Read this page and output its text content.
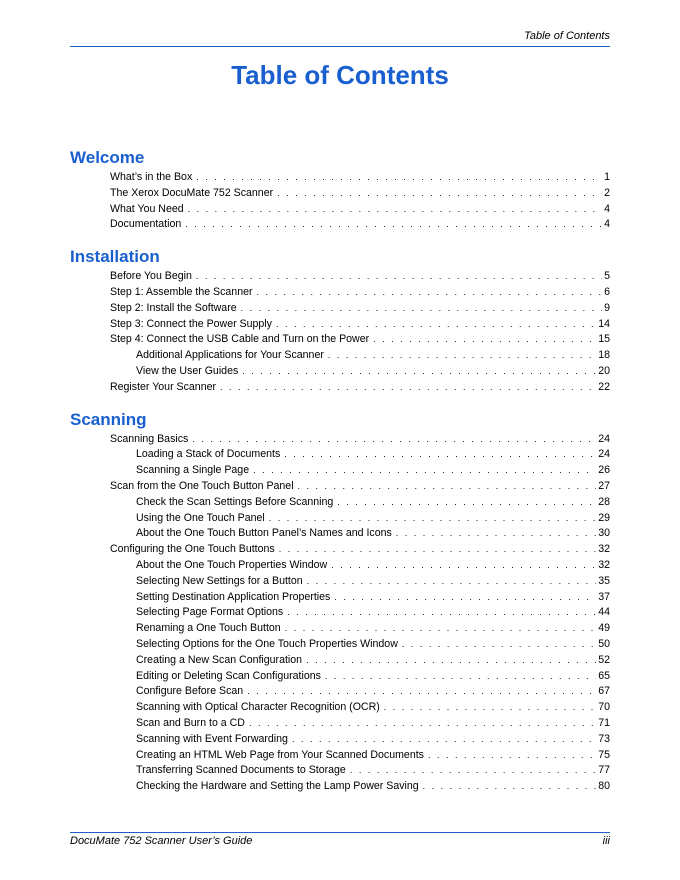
Table of Contents
Table of Contents
Welcome
What’s in the Box . . .	1
The Xerox DocuMate 752 Scanner . . .	2
What You Need . . .	4
Documentation . . .	4
Installation
Before You Begin . . .	5
Step 1: Assemble the Scanner . . .	6
Step 2: Install the Software . . .	9
Step 3: Connect the Power Supply . . .	14
Step 4: Connect the USB Cable and Turn on the Power . . .	15
Additional Applications for Your Scanner . . .	18
View the User Guides . . .	20
Register Your Scanner . . .	22
Scanning
Scanning Basics . . .	24
Loading a Stack of Documents . . .	24
Scanning a Single Page . . .	26
Scan from the One Touch Button Panel . . .	27
Check the Scan Settings Before Scanning . . .	28
Using the One Touch Panel . . .	29
About the One Touch Button Panel’s Names and Icons . . .	30
Configuring the One Touch Buttons . . .	32
About the One Touch Properties Window . . .	32
Selecting New Settings for a Button . . .	35
Setting Destination Application Properties . . .	37
Selecting Page Format Options . . .	44
Renaming a One Touch Button . . .	49
Selecting Options for the One Touch Properties Window . . .	50
Creating a New Scan Configuration . . .	52
Editing or Deleting Scan Configurations . . .	65
Configure Before Scan . . .	67
Scanning with Optical Character Recognition (OCR) . . .	70
Scan and Burn to a CD . . .	71
Scanning with Event Forwarding . . .	73
Creating an HTML Web Page from Your Scanned Documents . . .	75
Transferring Scanned Documents to Storage . . .	77
Checking the Hardware and Setting the Lamp Power Saving . . .	80
DocuMate 752 Scanner User’s Guide	iii
